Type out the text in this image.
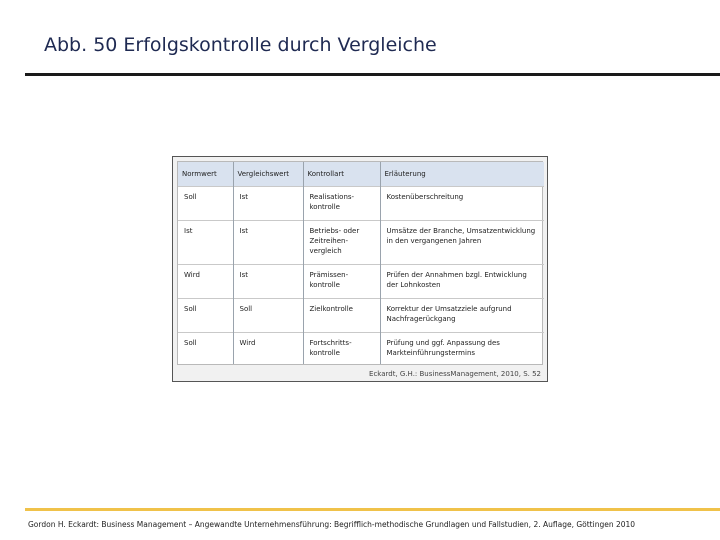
Abb. 50 Erfolgskontrolle durch Vergleiche
Normwert	Vergleichswert	Kontrollart	Erläuterung
Soll	Ist	Realisationskontrolle	Kostenüberschreitung
Ist	Ist	Betriebs- oder Zeitreihenvergleich	Umsätze der Branche, Umsatzentwicklung in den vergangenen Jahren
Wird	Ist	Prämissenkontrolle	Prüfen der Annahmen bzgl. Entwicklung der Lohnkosten
Soll	Soll	Zielkontrolle	Korrektur der Umsatzziele aufgrund Nachfragerückgang
Soll	Wird	Fortschrittskontrolle	Prüfung und ggf. Anpassung des Markteinführungstermins
Eckardt, G.H.: BusinessManagement, 2010, S. 52
Gordon H. Eckardt: Business Management – Angewandte Unternehmensführung: Begrifflich-methodische Grundlagen und Fallstudien, 2. Auflage, Göttingen 2010
